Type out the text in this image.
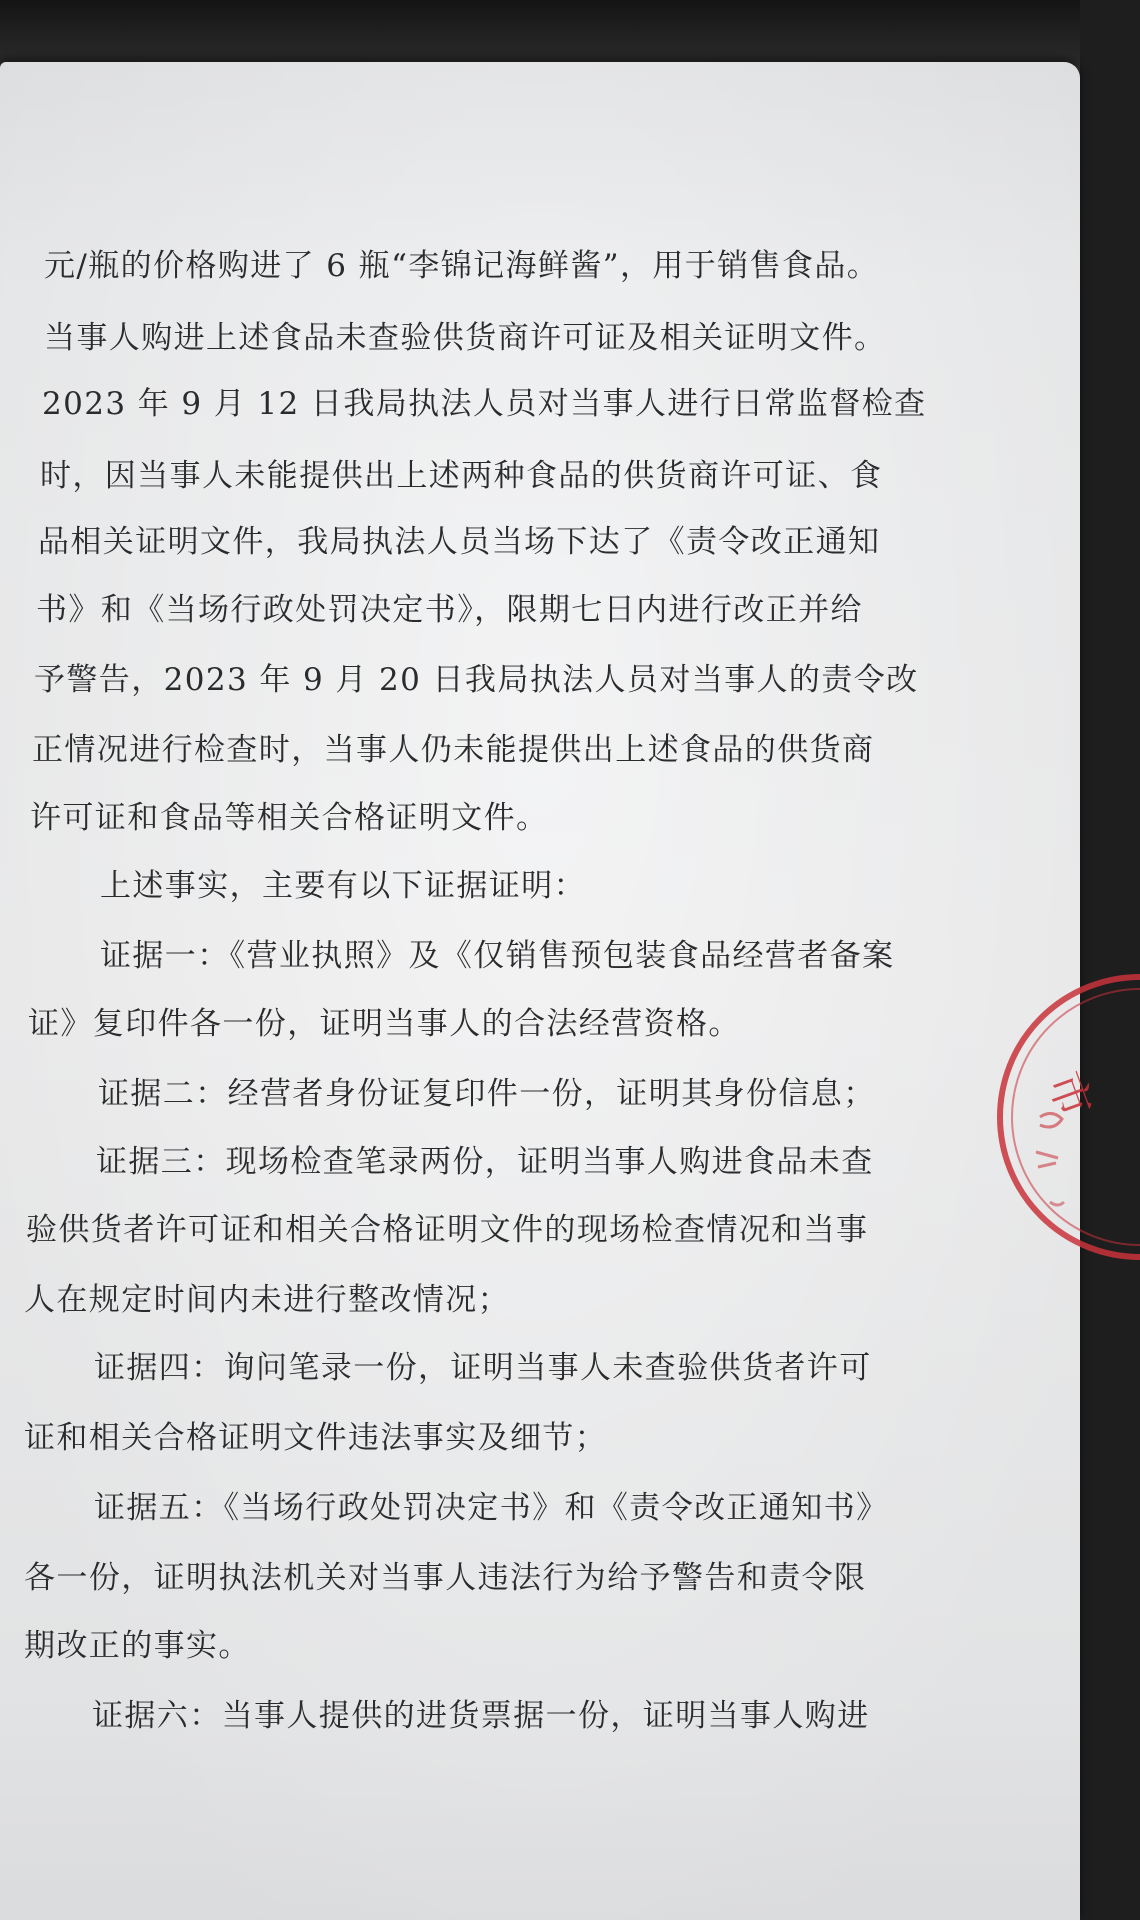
元/瓶的价格购进了 6 瓶“李锦记海鲜酱”，用于销售食品。
当事人购进上述食品未查验供货商许可证及相关证明文件。
2023 年 9 月 12 日我局执法人员对当事人进行日常监督检查
时，因当事人未能提供出上述两种食品的供货商许可证、食
品相关证明文件，我局执法人员当场下达了《责令改正通知
书》和《当场行政处罚决定书》，限期七日内进行改正并给
予警告，2023 年 9 月 20 日我局执法人员对当事人的责令改
正情况进行检查时，当事人仍未能提供出上述食品的供货商
许可证和食品等相关合格证明文件。
上述事实，主要有以下证据证明：
证据一：《营业执照》及《仅销售预包装食品经营者备案
证》复印件各一份，证明当事人的合法经营资格。
证据二：经营者身份证复印件一份，证明其身份信息；
证据三：现场检查笔录两份，证明当事人购进食品未查
验供货者许可证和相关合格证明文件的现场检查情况和当事
人在规定时间内未进行整改情况；
证据四：询问笔录一份，证明当事人未查验供货者许可
证和相关合格证明文件违法事实及细节；
证据五：《当场行政处罚决定书》和《责令改正通知书》
各一份，证明执法机关对当事人违法行为给予警告和责令限
期改正的事实。
证据六：当事人提供的进货票据一份，证明当事人购进
市
